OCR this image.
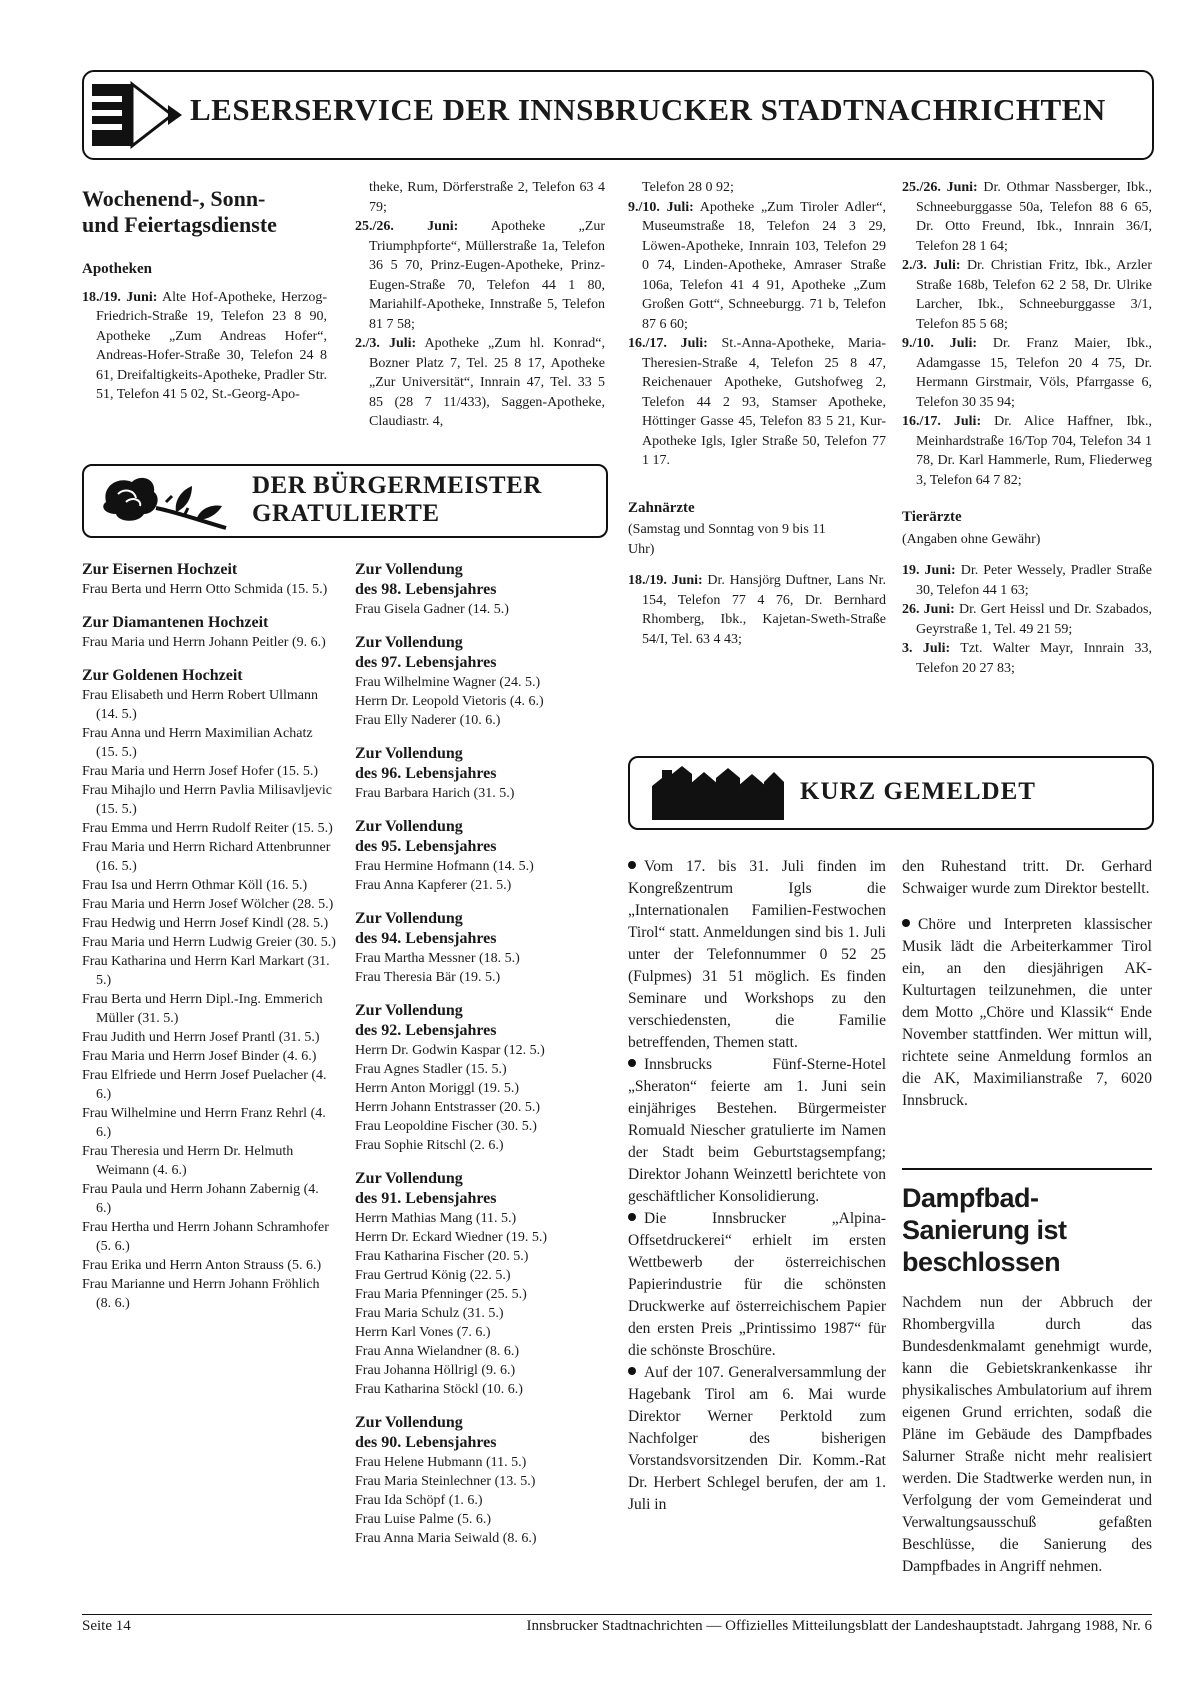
LESERSERVICE DER INNSBRUCKER STADTNACHRICHTEN
Wochenend-, Sonn- und Feiertagsdienste
Apotheken

18./19. Juni: Alte Hof-Apotheke, Herzog-Friedrich-Straße 19, Telefon 23 8 90, Apotheke „Zum Andreas Hofer“, Andreas-Hofer-Straße 30, Telefon 24 8 61, Dreifaltigkeits-Apotheke, Pradler Str. 51, Telefon 41 5 02, St.-Georg-Apo-

theke, Rum, Dörferstraße 2, Telefon 63 4 79;

25./26. Juni: Apotheke „Zur Triumphpforte“, Müllerstraße 1a, Telefon 36 5 70, Prinz-Eugen-Apotheke, Prinz-Eugen-Straße 70, Telefon 44 1 80, Mariahilf-Apotheke, Innstraße 5, Telefon 81 7 58;

2./3. Juli: Apotheke „Zum hl. Konrad“, Bozner Platz 7, Tel. 25 8 17, Apotheke „Zur Universität“, Innrain 47, Tel. 33 5 85 (28 7 11/433), Saggen-Apotheke, Claudiastr. 4,

Telefon 28 0 92;

9./10. Juli: Apotheke „Zum Tiroler Adler“, Museumstraße 18, Telefon 24 3 29, Löwen-Apotheke, Innrain 103, Telefon 29 0 74, Linden-Apotheke, Amraser Straße 106a, Telefon 41 4 91, Apotheke „Zum Großen Gott“, Schneeburgg. 71 b, Telefon 87 6 60;

16./17. Juli: St.-Anna-Apotheke, Maria-Theresien-Straße 4, Telefon 25 8 47, Reichenauer Apotheke, Gutshofweg 2, Telefon 44 2 93, Stamser Apotheke, Höttinger Gasse 45, Telefon 83 5 21, Kur-Apotheke Igls, Igler Straße 50, Telefon 77 1 17.

Zahnärzte
(Samstag und Sonntag von 9 bis 11 Uhr)

18./19. Juni: Dr. Hansjörg Duftner, Lans Nr. 154, Telefon 77 4 76, Dr. Bernhard Rhomberg, Ibk., Kajetan-Sweth-Straße 54/I, Tel. 63 4 43;

25./26. Juni: Dr. Othmar Nassberger, Ibk., Schneeburggasse 50a, Telefon 88 6 65, Dr. Otto Freund, Ibk., Innrain 36/I, Telefon 28 1 64;

2./3. Juli: Dr. Christian Fritz, Ibk., Arzler Straße 168b, Telefon 62 2 58, Dr. Ulrike Larcher, Ibk., Schneeburggasse 3/1, Telefon 85 5 68;

9./10. Juli: Dr. Franz Maier, Ibk., Adamgasse 15, Telefon 20 4 75, Dr. Hermann Girstmair, Völs, Pfarrgasse 6, Telefon 30 35 94;

16./17. Juli: Dr. Alice Haffner, Ibk., Meinhardstraße 16/Top 704, Telefon 34 1 78, Dr. Karl Hammerle, Rum, Fliederweg 3, Telefon 64 7 82;

Tierärzte
(Angaben ohne Gewähr)

19. Juni: Dr. Peter Wessely, Pradler Straße 30, Telefon 44 1 63;

26. Juni: Dr. Gert Heissl und Dr. Szabados, Geyrstraße 1, Tel. 49 21 59;

3. Juli: Tzt. Walter Mayr, Innrain 33, Telefon 20 27 83;

DER BÜRGERMEISTER
GRATULIERTE
Zur Eisernen Hochzeit

Frau Berta und Herrn Otto Schmida (15. 5.)

Zur Diamantenen Hochzeit

Frau Maria und Herrn Johann Peitler (9. 6.)

Zur Goldenen Hochzeit

Frau Elisabeth und Herrn Robert Ullmann (14. 5.)

Frau Anna und Herrn Maximilian Achatz (15. 5.)

Frau Maria und Herrn Josef Hofer (15. 5.)

Frau Mihajlo und Herrn Pavlia Milisavljevic (15. 5.)

Frau Emma und Herrn Rudolf Reiter (15. 5.)

Frau Maria und Herrn Richard Attenbrunner (16. 5.)

Frau Isa und Herrn Othmar Köll (16. 5.)

Frau Maria und Herrn Josef Wölcher (28. 5.)

Frau Hedwig und Herrn Josef Kindl (28. 5.)

Frau Maria und Herrn Ludwig Greier (30. 5.)

Frau Katharina und Herrn Karl Markart (31. 5.)

Frau Berta und Herrn Dipl.-Ing. Emmerich Müller (31. 5.)

Frau Judith und Herrn Josef Prantl (31. 5.)

Frau Maria und Herrn Josef Binder (4. 6.)

Frau Elfriede und Herrn Josef Puelacher (4. 6.)

Frau Wilhelmine und Herrn Franz Rehrl (4. 6.)

Frau Theresia und Herrn Dr. Helmuth Weimann (4. 6.)

Frau Paula und Herrn Johann Zabernig (4. 6.)

Frau Hertha und Herrn Johann Schramhofer (5. 6.)

Frau Erika und Herrn Anton Strauss (5. 6.)

Frau Marianne und Herrn Johann Fröhlich (8. 6.)

Zur Vollendung
des 98. Lebensjahres

Frau Gisela Gadner (14. 5.)

Zur Vollendung
des 97. Lebensjahres

Frau Wilhelmine Wagner (24. 5.)

Herrn Dr. Leopold Vietoris (4. 6.)

Frau Elly Naderer (10. 6.)

Zur Vollendung
des 96. Lebensjahres

Frau Barbara Harich (31. 5.)

Zur Vollendung
des 95. Lebensjahres

Frau Hermine Hofmann (14. 5.)

Frau Anna Kapferer (21. 5.)

Zur Vollendung
des 94. Lebensjahres

Frau Martha Messner (18. 5.)

Frau Theresia Bär (19. 5.)

Zur Vollendung
des 92. Lebensjahres

Herrn Dr. Godwin Kaspar (12. 5.)

Frau Agnes Stadler (15. 5.)

Herrn Anton Moriggl (19. 5.)

Herrn Johann Entstrasser (20. 5.)

Frau Leopoldine Fischer (30. 5.)

Frau Sophie Ritschl (2. 6.)

Zur Vollendung
des 91. Lebensjahres

Herrn Mathias Mang (11. 5.)

Herrn Dr. Eckard Wiedner (19. 5.)

Frau Katharina Fischer (20. 5.)

Frau Gertrud König (22. 5.)

Frau Maria Pfenninger (25. 5.)

Frau Maria Schulz (31. 5.)

Herrn Karl Vones (7. 6.)

Frau Anna Wielandner (8. 6.)

Frau Johanna Höllrigl (9. 6.)

Frau Katharina Stöckl (10. 6.)

Zur Vollendung
des 90. Lebensjahres

Frau Helene Hubmann (11. 5.)

Frau Maria Steinlechner (13. 5.)

Frau Ida Schöpf (1. 6.)

Frau Luise Palme (5. 6.)

Frau Anna Maria Seiwald (8. 6.)

KURZ GEMELDET

Vom 17. bis 31. Juli finden im Kongreßzentrum Igls die „Internationalen Familien-Festwochen Tirol“ statt. Anmeldungen sind bis 1. Juli unter der Telefonnummer 0 52 25 (Fulpmes) 31 51 möglich. Es finden Seminare und Workshops zu den verschiedensten, die Familie betreffenden, Themen statt.

Innsbrucks Fünf-Sterne-Hotel „Sheraton“ feierte am 1. Juni sein einjähriges Bestehen. Bürgermeister Romuald Niescher gratulierte im Namen der Stadt beim Geburtstagsempfang; Direktor Johann Weinzettl berichtete von geschäftlicher Konsolidierung.

Die Innsbrucker „Alpina-Offsetdruckerei“ erhielt im ersten Wettbewerb der österreichischen Papierindustrie für die schönsten Druckwerke auf österreichischem Papier den ersten Preis „Printissimo 1987“ für die schönste Broschüre.

Auf der 107. Generalversammlung der Hagebank Tirol am 6. Mai wurde Direktor Werner Perktold zum Nachfolger des bisherigen Vorstandsvorsitzenden Dir. Komm.-Rat Dr. Herbert Schlegel berufen, der am 1. Juli in

den Ruhestand tritt. Dr. Gerhard Schwaiger wurde zum Direktor bestellt.

Chöre und Interpreten klassischer Musik lädt die Arbeiterkammer Tirol ein, an den diesjährigen AK-Kulturtagen teilzunehmen, die unter dem Motto „Chöre und Klassik“ Ende November stattfinden. Wer mittun will, richtete seine Anmeldung formlos an die AK, Maximilianstraße 7, 6020 Innsbruck.

Dampfbad-Sanierung ist beschlossen

Nachdem nun der Abbruch der Rhombergvilla durch das Bundesdenkmalamt genehmigt wurde, kann die Gebietskrankenkasse ihr physikalisches Ambulatorium auf ihrem eigenen Grund errichten, sodaß die Pläne im Gebäude des Dampfbades Salurner Straße nicht mehr realisiert werden. Die Stadtwerke werden nun, in Verfolgung der vom Gemeinderat und Verwaltungsausschuß gefaßten Beschlüsse, die Sanierung des Dampfbades in Angriff nehmen.

Seite 14	Innsbrucker Stadtnachrichten — Offizielles Mitteilungsblatt der Landeshauptstadt. Jahrgang 1988, Nr. 6
